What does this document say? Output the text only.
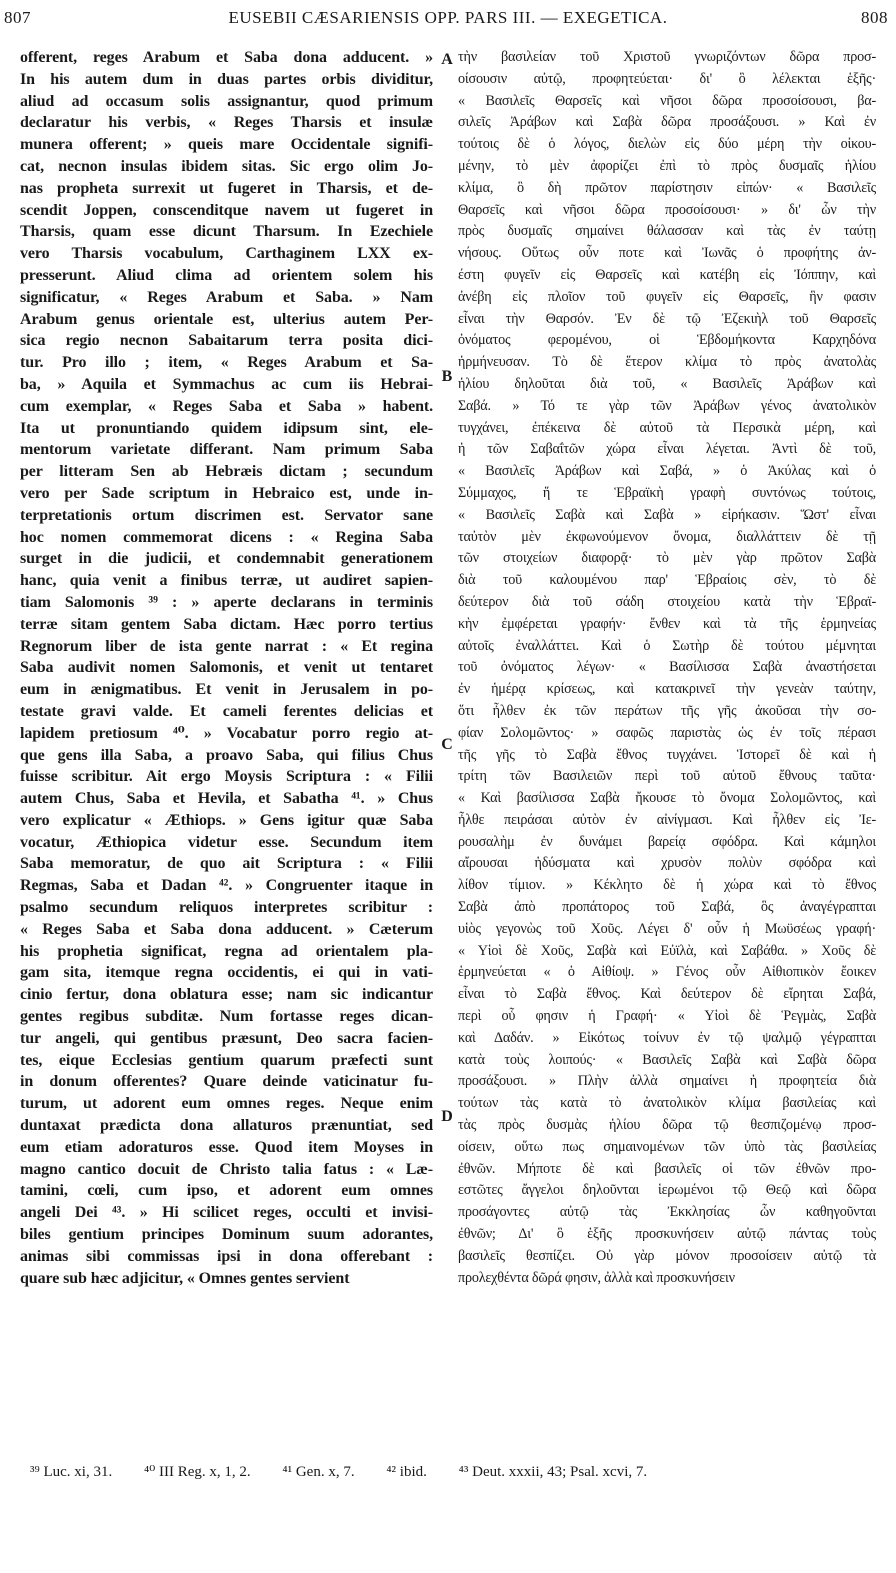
807	EUSEBII CÆSARIENSIS OPP. PARS III. — EXEGETICA.	808
offerent, reges Arabum et Saba dona adducent. »
In his autem dum in duas partes orbis dividitur,
aliud ad occasum solis assignantur, quod primum
declaratur his verbis, « Reges Tharsis et insulæ
munera offerent; » queis mare Occidentale signifi-
cat, necnon insulas ibidem sitas. Sic ergo olim Jo-
nas propheta surrexit ut fugeret in Tharsis, et de-
scendit Joppen, conscenditque navem ut fugeret in
Tharsis, quam esse dicunt Tharsum. In Ezechiele
vero Tharsis vocabulum, Carthaginem LXX ex-
presserunt. Aliud clima ad orientem solem his
significatur, « Reges Arabum et Saba. » Nam
Arabum genus orientale est, ulterius autem Per-
sica regio necnon Sabaitarum terra posita dici-
tur. Pro illo ; item, « Reges Arabum et Sa-
ba, » Aquila et Symmachus ac cum iis Hebrai-
cum exemplar, « Reges Saba et Saba » habent.
Ita ut pronuntiando quidem idipsum sint, ele-
mentorum varietate differant. Nam primum Saba
per litteram Sen ab Hebræis dictam ; secundum
vero per Sade scriptum in Hebraico est, unde in-
terpretationis ortum discrimen est. Servator sane
hoc nomen commemorat dicens : « Regina Saba
surget in die judicii, et condemnabit generationem
hanc, quia venit a finibus terræ, ut audiret sapien-
tiam Salomonis ³⁹ : » aperte declarans in terminis
terræ sitam gentem Saba dictam. Hæc porro tertius
Regnorum liber de ista gente narrat : « Et regina
Saba audivit nomen Salomonis, et venit ut tentaret
eum in ænigmatibus. Et venit in Jerusalem in po-
testate gravi valde. Et cameli ferentes delicias et
lapidem pretiosum ⁴⁰. » Vocabatur porro regio at-
que gens illa Saba, a proavo Saba, qui filius Chus
fuisse scribitur. Ait ergo Moysis Scriptura : « Filii
autem Chus, Saba et Hevila, et Sabatha ⁴¹. » Chus
vero explicatur « Æthiops. » Gens igitur quæ Saba
vocatur, Æthiopica videtur esse. Secundum item
Saba memoratur, de quo ait Scriptura : « Filii
Regmas, Saba et Dadan ⁴². » Congruenter itaque in
psalmo secundum reliquos interpretes scribitur :
« Reges Saba et Saba dona adducent. » Cæterum
his prophetia significat, regna ad orientalem pla-
gam sita, itemque regna occidentis, ei qui in vati-
cinio fertur, dona oblatura esse; nam sic indicantur
gentes regibus subditæ. Num fortasse reges dican-
tur angeli, qui gentibus præsunt, Deo sacra facien-
tes, eique Ecclesias gentium quarum præfecti sunt
in donum offerentes? Quare deinde vaticinatur fu-
turum, ut adorent eum omnes reges. Neque enim
duntaxat prædicta dona allaturos prænuntiat, sed
eum etiam adoraturos esse. Quod item Moyses in
magno cantico docuit de Christo talia fatus : « Læ-
tamini, cœli, cum ipso, et adorent eum omnes
angeli Dei ⁴³. » Hi scilicet reges, occulti et invisi-
biles gentium principes Dominum suum adorantes,
animas sibi commissas ipsi in dona offerebant :
quare sub hæc adjicitur, « Omnes gentes servient
A
B
C
D
τὴν βασιλείαν τοῦ Χριστοῦ γνωριζόντων δῶρα προσ-
οίσουσιν αὐτῷ, προφητεύεται· δι' ὃ λέλεκται ἑξῆς·
« Βασιλεῖς Θαρσεῖς καὶ νῆσοι δῶρα προσοίσουσι, βα-
σιλεῖς Ἀράβων καὶ Σαβὰ δῶρα προσάξουσι. » Καὶ ἐν
τούτοις δὲ ὁ λόγος, διελὼν εἰς δύο μέρη τὴν οἰκου-
μένην, τὸ μὲν ἀφορίζει ἐπὶ τὸ πρὸς δυσμαῖς ἡλίου
κλίμα, ὃ δὴ πρῶτον παρίστησιν εἰπών· « Βασιλεῖς
Θαρσεῖς καὶ νῆσοι δῶρα προσοίσουσι· » δι' ὧν τὴν
πρὸς δυσμαῖς σημαίνει θάλασσαν καὶ τὰς ἐν ταύτῃ
νήσους. Οὕτως οὖν ποτε καὶ Ἰωνᾶς ὁ προφήτης ἀν-
έστη φυγεῖν εἰς Θαρσεῖς καὶ κατέβη εἰς Ἰόππην, καὶ
ἀνέβη εἰς πλοῖον τοῦ φυγεῖν εἰς Θαρσεῖς, ἣν φασιν
εἶναι τὴν Θαρσόν. Ἐν δὲ τῷ Ἐζεκιὴλ τοῦ Θαρσεῖς
ὀνόματος φερομένου, οἱ Ἑβδομήκοντα Καρχηδόνα
ἡρμήνευσαν. Τὸ δὲ ἕτερον κλίμα τὸ πρὸς ἀνατολὰς
ἡλίου δηλοῦται διὰ τοῦ, « Βασιλεῖς Ἀράβων καὶ
Σαβά. » Τό τε γὰρ τῶν Ἀράβων γένος ἀνατολικὸν
τυγχάνει, ἐπέκεινα δὲ αὐτοῦ τὰ Περσικὰ μέρη, καὶ
ἡ τῶν Σαβαΐτῶν χώρα εἶναι λέγεται. Ἀντὶ δὲ τοῦ,
« Βασιλεῖς Ἀράβων καὶ Σαβά, » ὁ Ἀκύλας καὶ ὁ
Σύμμαχος, ἥ τε Ἑβραϊκὴ γραφὴ συντόνως τούτοις,
« Βασιλεῖς Σαβὰ καὶ Σαβὰ » εἰρήκασιν. Ὥστ' εἶναι
ταὐτὸν μὲν ἐκφωνούμενον ὄνομα, διαλλάττειν δὲ τῇ
τῶν στοιχείων διαφορᾷ· τὸ μὲν γὰρ πρῶτον Σαβὰ
διὰ τοῦ καλουμένου παρ' Ἑβραίοις σὲν, τὸ δὲ
δεύτερον διὰ τοῦ σάδη στοιχείου κατὰ τὴν Ἑβραϊ-
κὴν ἐμφέρεται γραφήν· ἔνθεν καὶ τὰ τῆς ἑρμηνείας
αὐτοῖς ἐναλλάττει. Καὶ ὁ Σωτὴρ δὲ τούτου μέμνηται
τοῦ ὀνόματος λέγων· « Βασίλισσα Σαβὰ ἀναστήσεται
ἐν ἡμέρᾳ κρίσεως, καὶ κατακρινεῖ τὴν γενεὰν ταύτην,
ὅτι ἦλθεν ἐκ τῶν περάτων τῆς γῆς ἀκοῦσαι τὴν σο-
φίαν Σολομῶντος· » σαφῶς παριστὰς ὡς ἐν τοῖς πέρασι
τῆς γῆς τὸ Σαβὰ ἔθνος τυγχάνει. Ἱστορεῖ δὲ καὶ ἡ
τρίτη τῶν Βασιλειῶν περὶ τοῦ αὐτοῦ ἔθνους ταῦτα·
« Καὶ βασίλισσα Σαβὰ ἤκουσε τὸ ὄνομα Σολομῶντος, καὶ
ἦλθε πειράσαι αὐτὸν ἐν αἰνίγμασι. Καὶ ἦλθεν εἰς Ἰε-
ρουσαλὴμ ἐν δυνάμει βαρείᾳ σφόδρα. Καὶ κάμηλοι
αἴρουσαι ἡδύσματα καὶ χρυσὸν πολὺν σφόδρα καὶ
λίθον τίμιον. » Κέκλητο δὲ ἡ χώρα καὶ τὸ ἔθνος
Σαβὰ ἀπὸ προπάτορος τοῦ Σαβά, ὃς ἀναγέγραπται
υἱὸς γεγονὼς τοῦ Χοῦς. Λέγει δ' οὖν ἡ Μωϋσέως γραφή·
« Υἱοὶ δὲ Χοῦς, Σαβὰ καὶ Εὐϊλὰ, καὶ Σαβάθα. » Χοῦς δὲ
ἑρμηνεύεται « ὁ Αἰθίοψ. » Γένος οὖν Αἰθιοπικὸν ἔοικεν
εἶναι τὸ Σαβὰ ἔθνος. Καὶ δεύτερον δὲ εἴρηται Σαβά,
περὶ οὗ φησιν ἡ Γραφή· « Υἱοὶ δὲ Ῥεγμὰς, Σαβὰ
καὶ Δαδάν. » Εἰκότως τοίνυν ἐν τῷ ψαλμῷ γέγραπται
κατὰ τοὺς λοιπούς· « Βασιλεῖς Σαβὰ καὶ Σαβὰ δῶρα
προσάξουσι. » Πλὴν ἀλλὰ σημαίνει ἡ προφητεία διὰ
τούτων τὰς κατὰ τὸ ἀνατολικὸν κλίμα βασιλείας καὶ
τὰς πρὸς δυσμὰς ἡλίου δῶρα τῷ θεσπιζομένῳ προσ-
οίσειν, οὕτω πως σημαινομένων τῶν ὑπὸ τὰς βασιλείας
ἐθνῶν. Μήποτε δὲ καὶ βασιλεῖς οἱ τῶν ἐθνῶν προ-
εστῶτες ἄγγελοι δηλοῦνται ἱερωμένοι τῷ Θεῷ καὶ δῶρα
προσάγοντες αὐτῷ τὰς Ἐκκλησίας ὧν καθηγοῦνται
ἐθνῶν; Δι' ὃ ἑξῆς προσκυνήσειν αὐτῷ πάντας τοὺς
βασιλεῖς θεσπίζει. Οὐ γὰρ μόνον προσοίσειν αὐτῷ τὰ
προλεχθέντα δῶρά φησιν, ἀλλὰ καὶ προσκυνήσειν
³⁹ Luc. xi, 31. ⁴⁰ III Reg. x, 1, 2. ⁴¹ Gen. x, 7. ⁴² ibid. ⁴³ Deut. xxxii, 43; Psal. xcvi, 7.
